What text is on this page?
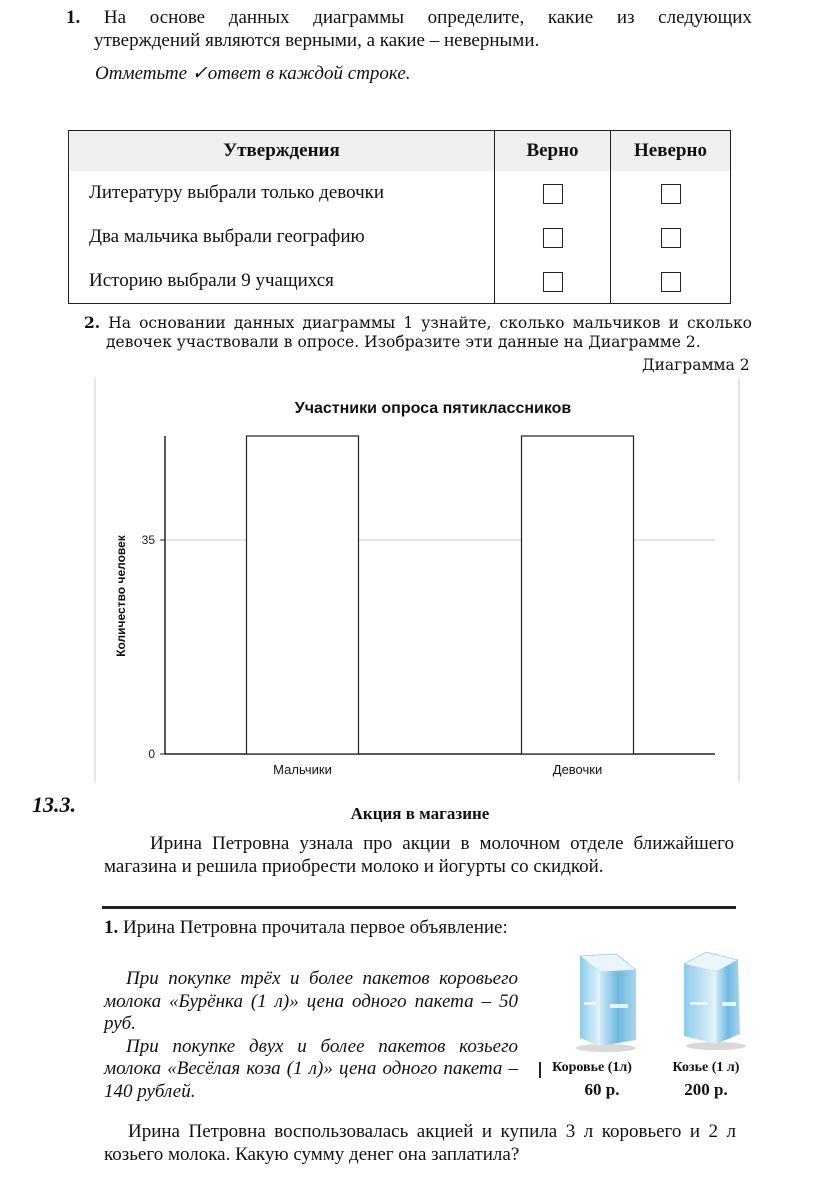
1. На основе данных диаграммы определите, какие из следующих
утверждений являются верными, а какие – неверными.
Отметьте ✓ответ в каждой строке.
Утверждения	Верно	Неверно
Литературу выбрали только девочки		
Два мальчика выбрали географию		
Историю выбрали 9 учащихся		
2. На основании данных диаграммы 1 узнайте, сколько мальчиков и сколько
девочек участвовали в опросе. Изобразите эти данные на Диаграмме 2.
Диаграмма 2
Участники опроса пятиклассников
Количество человек
0
35
Мальчики	Девочки
13.3.	Акция в магазине
Ирина Петровна узнала про акции в молочном отделе ближайшего
магазина и решила приобрести молоко и йогурты со скидкой.
1. Ирина Петровна прочитала первое объявление:
При покупке трёх и более пакетов коровьего
молока «Бурёнка (1 л)» цена одного пакета – 50 руб.
При покупке двух и более пакетов козьего
молока «Весёлая коза (1 л)» цена одного пакета –
140 рублей.
Коровье (1л)	Козье (1 л)
60 р.	200 р.
Ирина Петровна воспользовалась акцией и купила 3 л коровьего и 2 л
козьего молока. Какую сумму денег она заплатила?
